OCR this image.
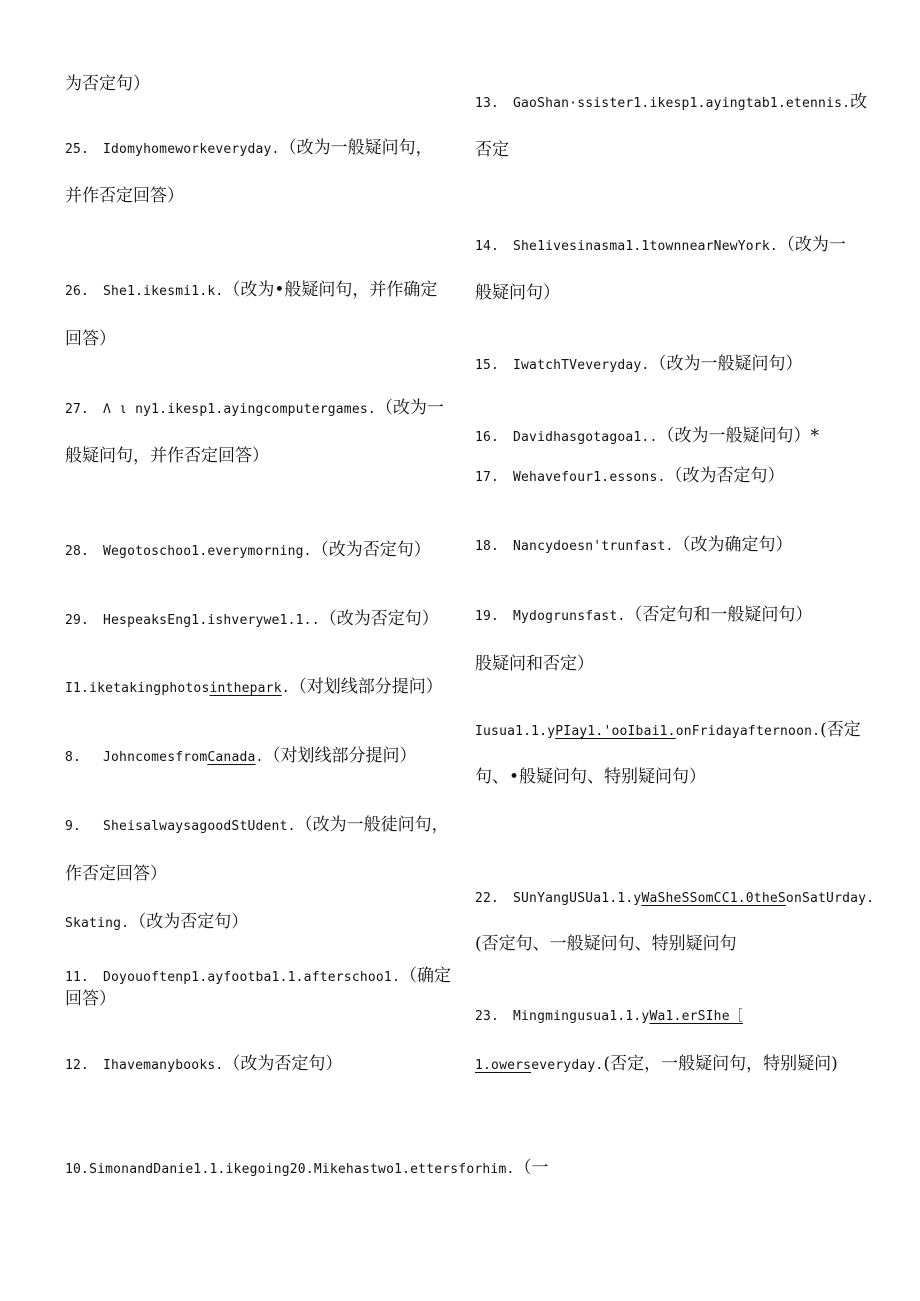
为否定句）
25. Idomyhomeworkeveryday.（改为一般疑问句，
并作否定回答）
26. She1.ikesmi1.k.（改为•般疑问句，并作确定
回答）
27. Λ ι ny1.ikesp1.ayingcomputergames.（改为一
般疑问句，并作否定回答）
28. Wegotoschoo1.everymorning.（改为否定句）
29. HespeaksEng1.ishverywe1.1..（改为否定句）
I1.iketakingphotosinthepark.（对划线部分提问）
8. JohncomesfromCanada.（对划线部分提问）
9. SheisalwaysagoodStUdent.（改为一般徒问句，
作否定回答）
Skating.（改为否定句）
11. Doyouoftenp1.ayfootba1.1.afterschoo1.（确定
回答）
12. Ihavemanybooks.（改为否定句）
13. GaoShan·ssister1.ikesp1.ayingtab1.etennis.改
否定
14. She1ivesinasma1.1townnearNewYork.（改为一
般疑问句）
15. IwatchTVeveryday.（改为一般疑问句）
16. Davidhasgotagoa1..（改为一般疑问句）*
17. Wehavefour1.essons.（改为否定句）
18. Nancydoesn'trunfast.（改为确定句）
19. Mydogrunsfast.（否定句和一般疑问句）
股疑问和否定）
Iusua1.1.yPIay1.'ooIbai1.onFridayafternoon.(否定
句、•般疑问句、特别疑问句）
22. SUnYangUSUa1.1.yWaSheSSomCC1.0theSonSatUrday.
(否定句、一般疑问句、特别疑问句
23. Mingmingusua1.1.yWa1.erSIhe［
1.owerseveryday.(否定，一般疑问句，特别疑问)
10.SimonandDanie1.1.ikegoing20.Mikehastwo1.ettersforhim.（一
